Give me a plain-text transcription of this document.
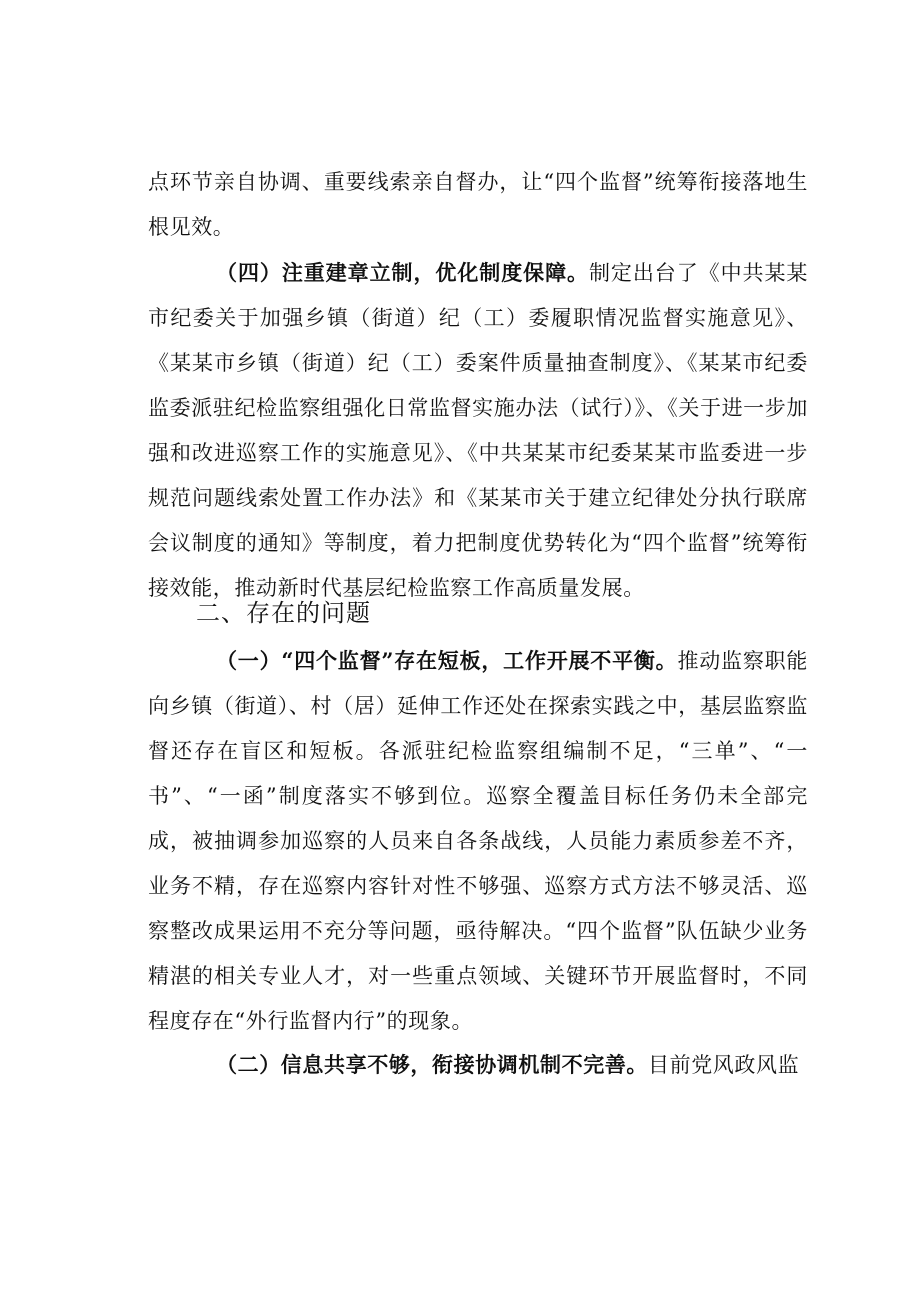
点环节亲自协调、重要线索亲自督办，让“四个监督”统筹衔接落地生根见效。

（四）注重建章立制，优化制度保障。制定出台了《中共某某市纪委关于加强乡镇（街道）纪（工）委履职情况监督实施意见》、《某某市乡镇（街道）纪（工）委案件质量抽查制度》、《某某市纪委监委派驻纪检监察组强化日常监督实施办法（试行）》、《关于进一步加强和改进巡察工作的实施意见》、《中共某某市纪委某某市监委进一步规范问题线索处置工作办法》和《某某市关于建立纪律处分执行联席会议制度的通知》等制度，着力把制度优势转化为“四个监督”统筹衔接效能，推动新时代基层纪检监察工作高质量发展。

二、存在的问题

（一）“四个监督”存在短板，工作开展不平衡。推动监察职能向乡镇（街道）、村（居）延伸工作还处在探索实践之中，基层监察监督还存在盲区和短板。各派驻纪检监察组编制不足，“三单”、“一书”、“一函”制度落实不够到位。巡察全覆盖目标任务仍未全部完成，被抽调参加巡察的人员来自各条战线，人员能力素质参差不齐，业务不精，存在巡察内容针对性不够强、巡察方式方法不够灵活、巡察整改成果运用不充分等问题，亟待解决。“四个监督”队伍缺少业务精湛的相关专业人才，对一些重点领域、关键环节开展监督时，不同程度存在“外行监督内行”的现象。

（二）信息共享不够，衔接协调机制不完善。目前党风政风监
